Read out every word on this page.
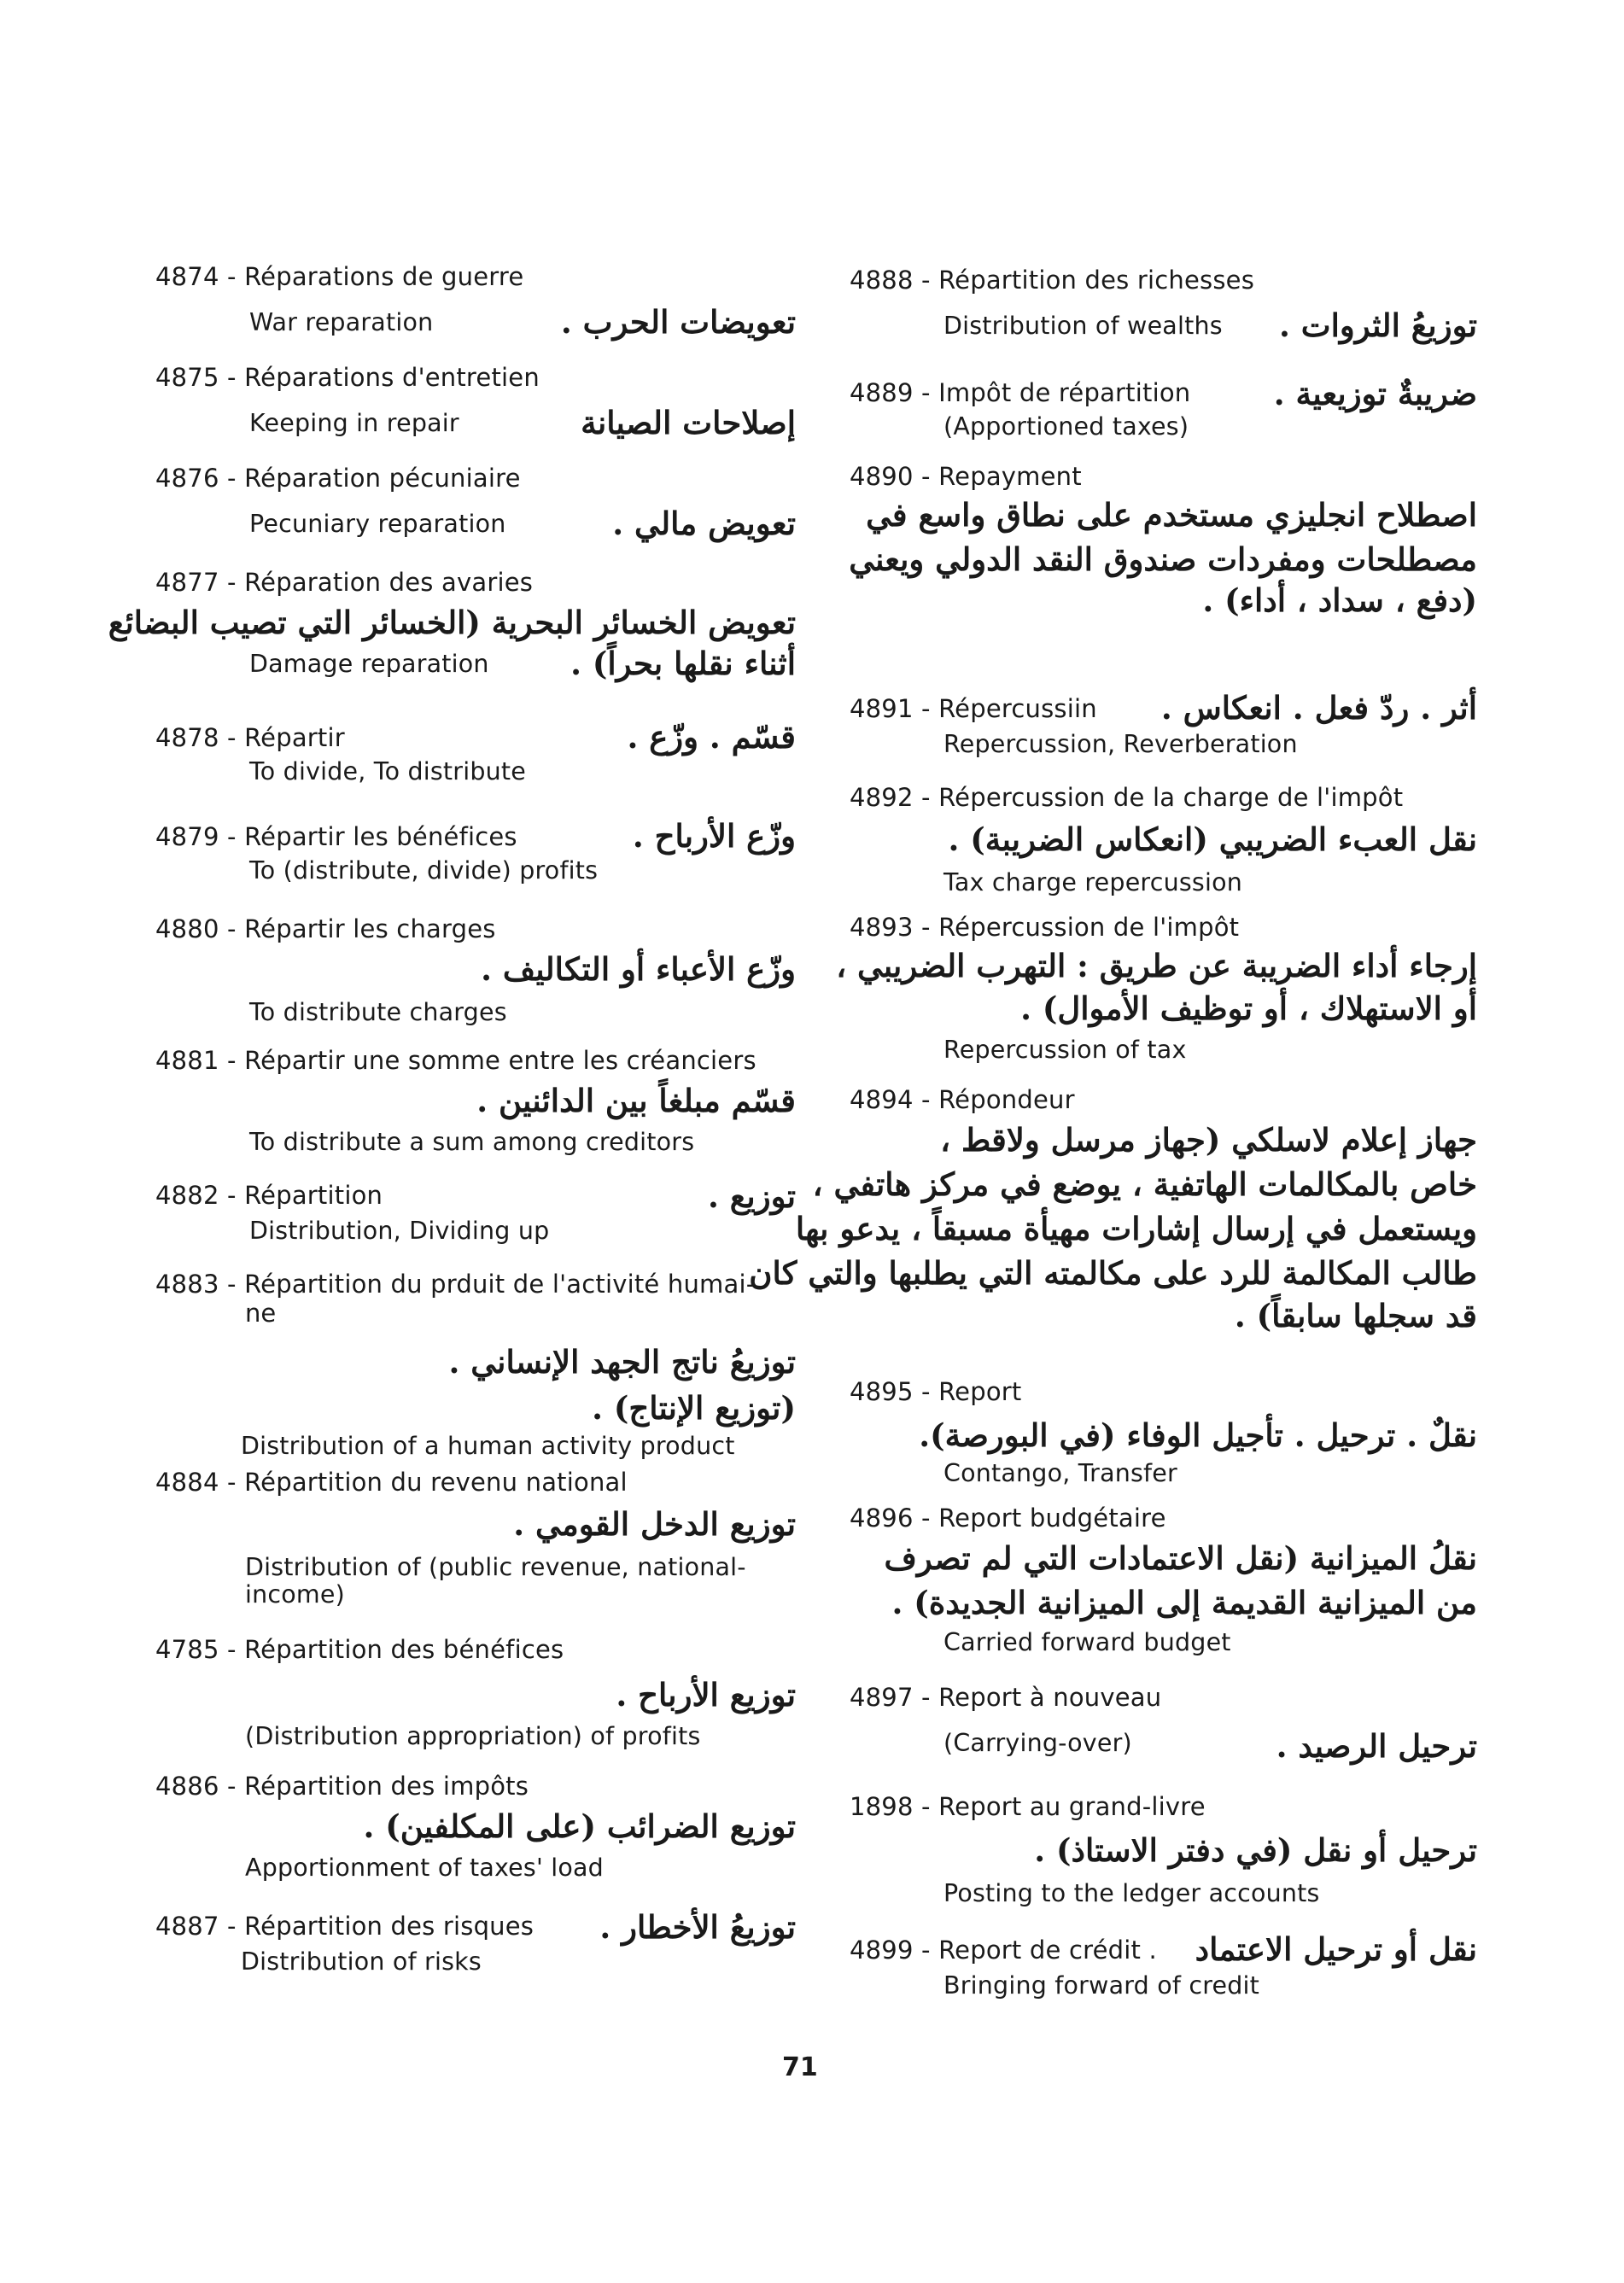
4874 - Réparations de guerre
War reparation	تعويضات الحرب .
4875 - Réparations d'entretien
Keeping in repair	إصلاحات الصيانة
4876 - Réparation pécuniaire
Pecuniary reparation	تعويض مالي .
4877 - Réparation des avaries
تعويض الخسائر البحرية (الخسائر التي تصيب البضائع
أثناء نقلها بحراً) .
Damage reparation
4878 - Répartir	قسّم . وزّع .
To divide, To distribute
4879 - Répartir les bénéfices	وزّع الأرباح .
To (distribute, divide) profits
4880 - Répartir les charges
وزّع الأعباء أو التكاليف .
To distribute charges
4881 - Répartir une somme entre les créanciers
قسّم مبلغاً بين الدائنين .
To distribute a sum among creditors
4882 - Répartition	توزيع .
Distribution, Dividing up
4883 - Répartition du prduit de l'activité humai-
ne
توزيعُ ناتج الجهد الإنساني .
(توزيع الإنتاج) .
Distribution of a human activity product
4884 - Répartition du revenu national
توزيع الدخل القومي .
Distribution of (public revenue, national-
income)
4785 - Répartition des bénéfices
توزيع الأرباح .
(Distribution appropriation) of profits
4886 - Répartition des impôts
توزيع الضرائب (على المكلفين) .
Apportionment of taxes' load
4887 - Répartition des risques توزيعُ الأخطار .
Distribution of risks
4888 - Répartition des richesses
Distribution of wealths توزيعُ الثروات .
4889 - Impôt de répartition
(Apportioned taxes)
ضريبةٌ توزيعية .
4890 - Repayment
اصطلاح انجليزي مستخدم على نطاق واسع في
مصطلحات ومفردات صندوق النقد الدولي ويعني
(دفع ، سداد ، أداء) .
4891 - Répercussiin أثر . ردّ فعل . انعكاس .
Repercussion, Reverberation
4892 - Répercussion de la charge de l'impôt
نقل العبء الضريبي (انعكاس الضريبة) .
Tax charge repercussion
4893 - Répercussion de l'impôt
إرجاء أداء الضريبة عن طريق : التهرب الضريبي ،
أو الاستهلاك ، أو توظيف الأموال) .
Repercussion of tax
4894 - Répondeur
جهاز إعلام لاسلكي (جهاز مرسل ولاقط ،
خاص بالمكالمات الهاتفية ، يوضع في مركز هاتفي ،
ويستعمل في إرسال إشارات مهيأة مسبقاً ، يدعو بها
طالب المكالمة للرد على مكالمته التي يطلبها والتي كان
قد سجلها سابقاً) .
4895 - Report
نقلٌ . ترحيل . تأجيل الوفاء (في البورصة).
Contango, Transfer
4896 - Report budgétaire
نقلُ الميزانية (نقل الاعتمادات التي لم تصرف
من الميزانية القديمة إلى الميزانية الجديدة) .
Carried forward budget
4897 - Report à nouveau
(Carrying-over)	ترحيل الرصيد .
1898 - Report au grand-livre
ترحيل أو نقل (في دفتر الاستاذ) .
Posting to the ledger accounts
4899 - Report de crédit . نقل أو ترحيل الاعتماد
Bringing forward of credit
71
